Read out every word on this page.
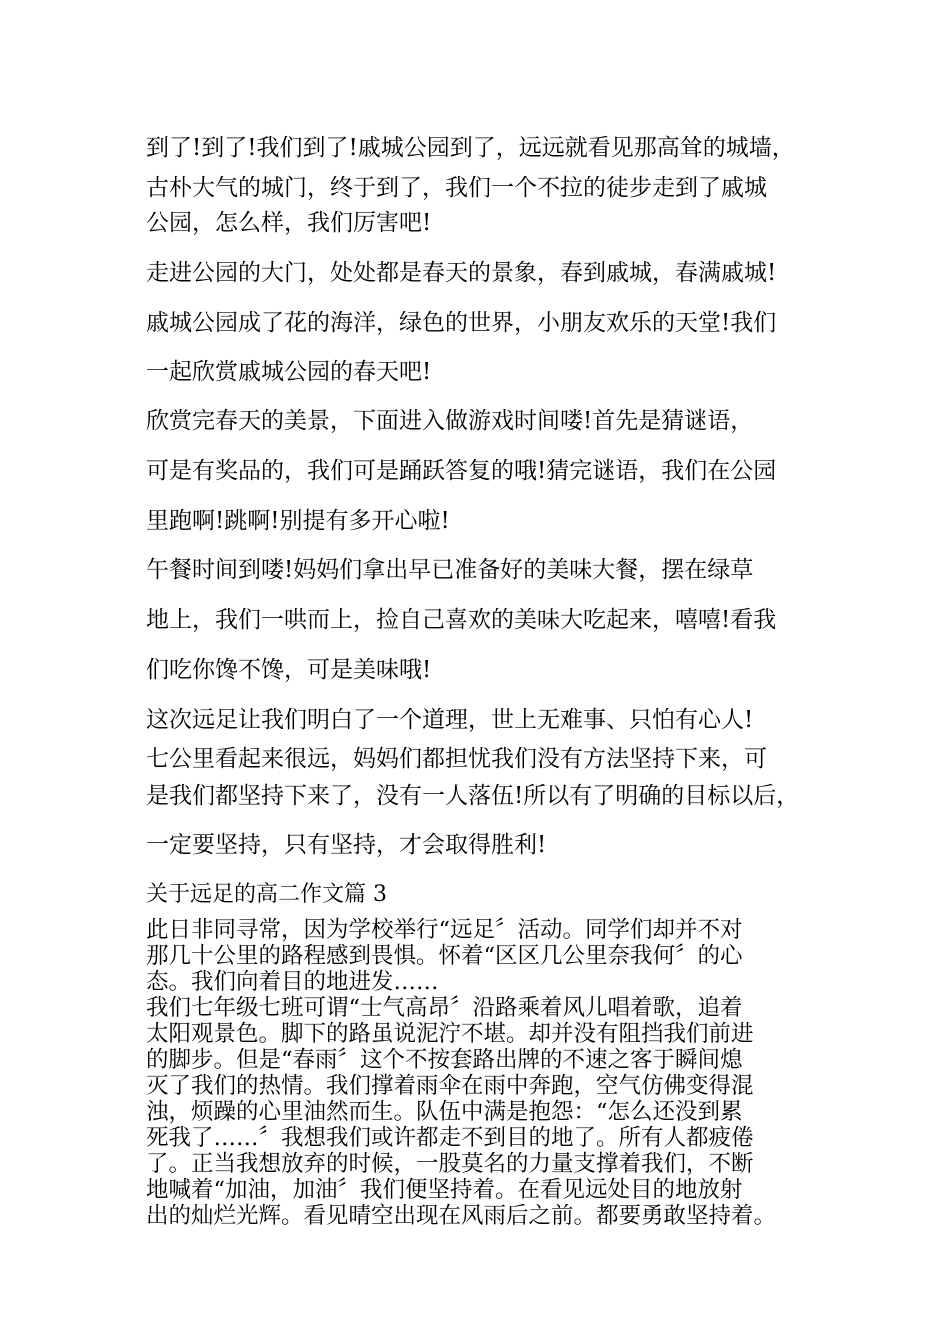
到了!到了!我们到了!戚城公园到了，远远就看见那高耸的城墙，

古朴大气的城门，终于到了，我们一个不拉的徒步走到了戚城

公园，怎么样，我们厉害吧!

走进公园的大门，处处都是春天的景象，春到戚城，春满戚城!

戚城公园成了花的海洋，绿色的世界，小朋友欢乐的天堂!我们

一起欣赏戚城公园的春天吧!

欣赏完春天的美景，下面进入做游戏时间喽!首先是猜谜语，

可是有奖品的，我们可是踊跃答复的哦!猜完谜语，我们在公园

里跑啊!跳啊!别提有多开心啦!

午餐时间到喽!妈妈们拿出早已准备好的美味大餐，摆在绿草

地上，我们一哄而上，捡自己喜欢的美味大吃起来，嘻嘻!看我

们吃你馋不馋，可是美味哦!

这次远足让我们明白了一个道理，世上无难事、只怕有心人!

七公里看起来很远，妈妈们都担忧我们没有方法坚持下来，可

是我们都坚持下来了，没有一人落伍!所以有了明确的目标以后，

一定要坚持，只有坚持，才会取得胜利!

关于远足的高二作文篇 3

此日非同寻常，因为学校举行“远足〞活动。同学们却并不对

那几十公里的路程感到畏惧。怀着“区区几公里奈我何〞的心

态。我们向着目的地进发……

我们七年级七班可谓“士气高昂〞沿路乘着风儿唱着歌，追着

太阳观景色。脚下的路虽说泥泞不堪。却并没有阻挡我们前进

的脚步。但是“春雨〞这个不按套路出牌的不速之客于瞬间熄

灭了我们的热情。我们撑着雨伞在雨中奔跑，空气仿佛变得混

浊，烦躁的心里油然而生。队伍中满是抱怨：“怎么还没到累

死我了……〞我想我们或许都走不到目的地了。所有人都疲倦

了。正当我想放弃的时候，一股莫名的力量支撑着我们，不断

地喊着“加油，加油〞我们便坚持着。在看见远处目的地放射

出的灿烂光辉。看见晴空出现在风雨后之前。都要勇敢坚持着。
